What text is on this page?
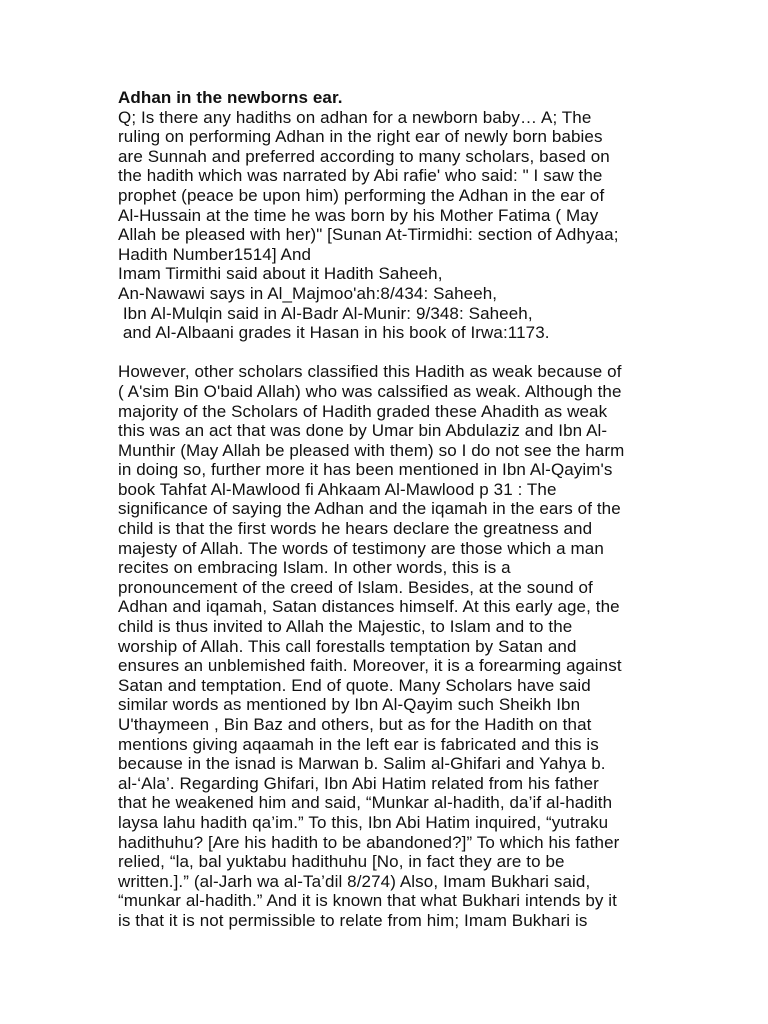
Adhan in the newborns ear.
Q; Is there any hadiths on adhan for a newborn baby… A; The
ruling on performing Adhan in the right ear of newly born babies
are Sunnah and preferred according to many scholars, based on
the hadith which was narrated by Abi rafie' who said: " I saw the
prophet (peace be upon him) performing the Adhan in the ear of
Al-Hussain at the time he was born by his Mother Fatima ( May
Allah be pleased with her)" [Sunan At-Tirmidhi: section of Adhyaa;
Hadith Number1514] And
Imam Tirmithi said about it Hadith Saheeh,
An-Nawawi says in Al_Majmoo'ah:8/434: Saheeh,
Ibn Al-Mulqin said in Al-Badr Al-Munir: 9/348: Saheeh,
and Al-Albaani grades it Hasan in his book of Irwa:1173.
However, other scholars classified this Hadith as weak because of
( A'sim Bin O'baid Allah) who was calssified as weak. Although the
majority of the Scholars of Hadith graded these Ahadith as weak
this was an act that was done by Umar bin Abdulaziz and Ibn Al-
Munthir (May Allah be pleased with them) so I do not see the harm
in doing so, further more it has been mentioned in Ibn Al-Qayim's
book Tahfat Al-Mawlood fi Ahkaam Al-Mawlood p 31 : The
significance of saying the Adhan and the iqamah in the ears of the
child is that the first words he hears declare the greatness and
majesty of Allah. The words of testimony are those which a man
recites on embracing Islam. In other words, this is a
pronouncement of the creed of Islam. Besides, at the sound of
Adhan and iqamah, Satan distances himself. At this early age, the
child is thus invited to Allah the Majestic, to Islam and to the
worship of Allah. This call forestalls temptation by Satan and
ensures an unblemished faith. Moreover, it is a forearming against
Satan and temptation. End of quote. Many Scholars have said
similar words as mentioned by Ibn Al-Qayim such Sheikh Ibn
U'thaymeen , Bin Baz and others, but as for the Hadith on that
mentions giving aqaamah in the left ear is fabricated and this is
because in the isnad is Marwan b. Salim al-Ghifari and Yahya b.
al-‘Ala’. Regarding Ghifari, Ibn Abi Hatim related from his father
that he weakened him and said, “Munkar al-hadith, da’if al-hadith
laysa lahu hadith qa’im.” To this, Ibn Abi Hatim inquired, “yutraku
hadithuhu? [Are his hadith to be abandoned?]” To which his father
relied, “la, bal yuktabu hadithuhu [No, in fact they are to be
written.].” (al-Jarh wa al-Ta’dil 8/274) Also, Imam Bukhari said,
“munkar al-hadith.” And it is known that what Bukhari intends by it
is that it is not permissible to relate from him; Imam Bukhari is
